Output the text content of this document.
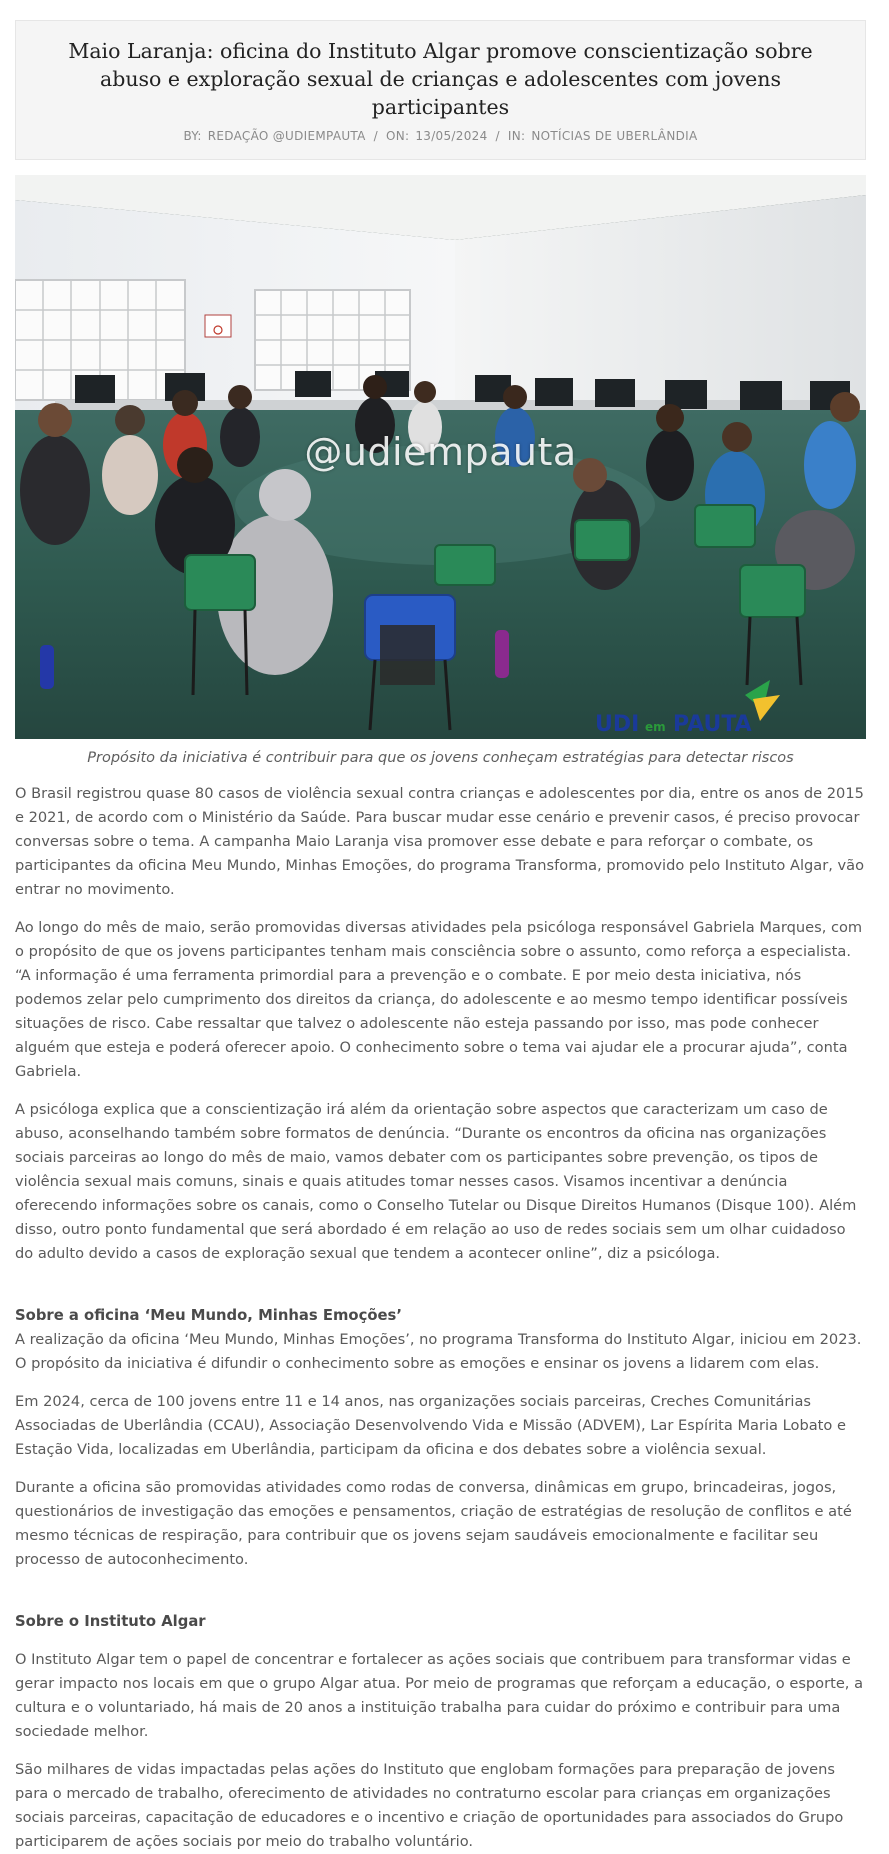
Maio Laranja: oficina do Instituto Algar promove conscientização sobre abuso e exploração sexual de crianças e adolescentes com jovens participantes
BY: REDAÇÃO @UDIEMPAUTA / ON: 13/05/2024 / IN: NOTÍCIAS DE UBERLÂNDIA
UDI em PAUTA
@udiempauta

Propósito da iniciativa é contribuir para que os jovens conheçam estratégias para detectar riscos

O Brasil registrou quase 80 casos de violência sexual contra crianças e adolescentes por dia, entre os anos de 2015 e 2021, de acordo com o Ministério da Saúde. Para buscar mudar esse cenário e prevenir casos, é preciso provocar conversas sobre o tema. A campanha Maio Laranja visa promover esse debate e para reforçar o combate, os participantes da oficina Meu Mundo, Minhas Emoções, do programa Transforma, promovido pelo Instituto Algar, vão entrar no movimento.

Ao longo do mês de maio, serão promovidas diversas atividades pela psicóloga responsável Gabriela Marques, com o propósito de que os jovens participantes tenham mais consciência sobre o assunto, como reforça a especialista. “A informação é uma ferramenta primordial para a prevenção e o combate. E por meio desta iniciativa, nós podemos zelar pelo cumprimento dos direitos da criança, do adolescente e ao mesmo tempo identificar possíveis situações de risco. Cabe ressaltar que talvez o adolescente não esteja passando por isso, mas pode conhecer alguém que esteja e poderá oferecer apoio. O conhecimento sobre o tema vai ajudar ele a procurar ajuda”, conta Gabriela.

A psicóloga explica que a conscientização irá além da orientação sobre aspectos que caracterizam um caso de abuso, aconselhando também sobre formatos de denúncia. “Durante os encontros da oficina nas organizações sociais parceiras ao longo do mês de maio, vamos debater com os participantes sobre prevenção, os tipos de violência sexual mais comuns, sinais e quais atitudes tomar nesses casos. Visamos incentivar a denúncia oferecendo informações sobre os canais, como o Conselho Tutelar ou Disque Direitos Humanos (Disque 100). Além disso, outro ponto fundamental que será abordado é em relação ao uso de redes sociais sem um olhar cuidadoso do adulto devido a casos de exploração sexual que tendem a acontecer online”, diz a psicóloga.

Sobre a oficina ‘Meu Mundo, Minhas Emoções’

A realização da oficina ‘Meu Mundo, Minhas Emoções’, no programa Transforma do Instituto Algar, iniciou em 2023. O propósito da iniciativa é difundir o conhecimento sobre as emoções e ensinar os jovens a lidarem com elas.

Em 2024, cerca de 100 jovens entre 11 e 14 anos, nas organizações sociais parceiras, Creches Comunitárias Associadas de Uberlândia (CCAU), Associação Desenvolvendo Vida e Missão (ADVEM), Lar Espírita Maria Lobato e Estação Vida, localizadas em Uberlândia, participam da oficina e dos debates sobre a violência sexual.

Durante a oficina são promovidas atividades como rodas de conversa, dinâmicas em grupo, brincadeiras, jogos, questionários de investigação das emoções e pensamentos, criação de estratégias de resolução de conflitos e até mesmo técnicas de respiração, para contribuir que os jovens sejam saudáveis emocionalmente e facilitar seu processo de autoconhecimento.

Sobre o Instituto Algar

O Instituto Algar tem o papel de concentrar e fortalecer as ações sociais que contribuem para transformar vidas e gerar impacto nos locais em que o grupo Algar atua. Por meio de programas que reforçam a educação, o esporte, a cultura e o voluntariado, há mais de 20 anos a instituição trabalha para cuidar do próximo e contribuir para uma sociedade melhor.

São milhares de vidas impactadas pelas ações do Instituto que englobam formações para preparação de jovens para o mercado de trabalho, oferecimento de atividades no contraturno escolar para crianças em organizações sociais parceiras, capacitação de educadores e o incentivo e criação de oportunidades para associados do Grupo participarem de ações sociais por meio do trabalho voluntário.
